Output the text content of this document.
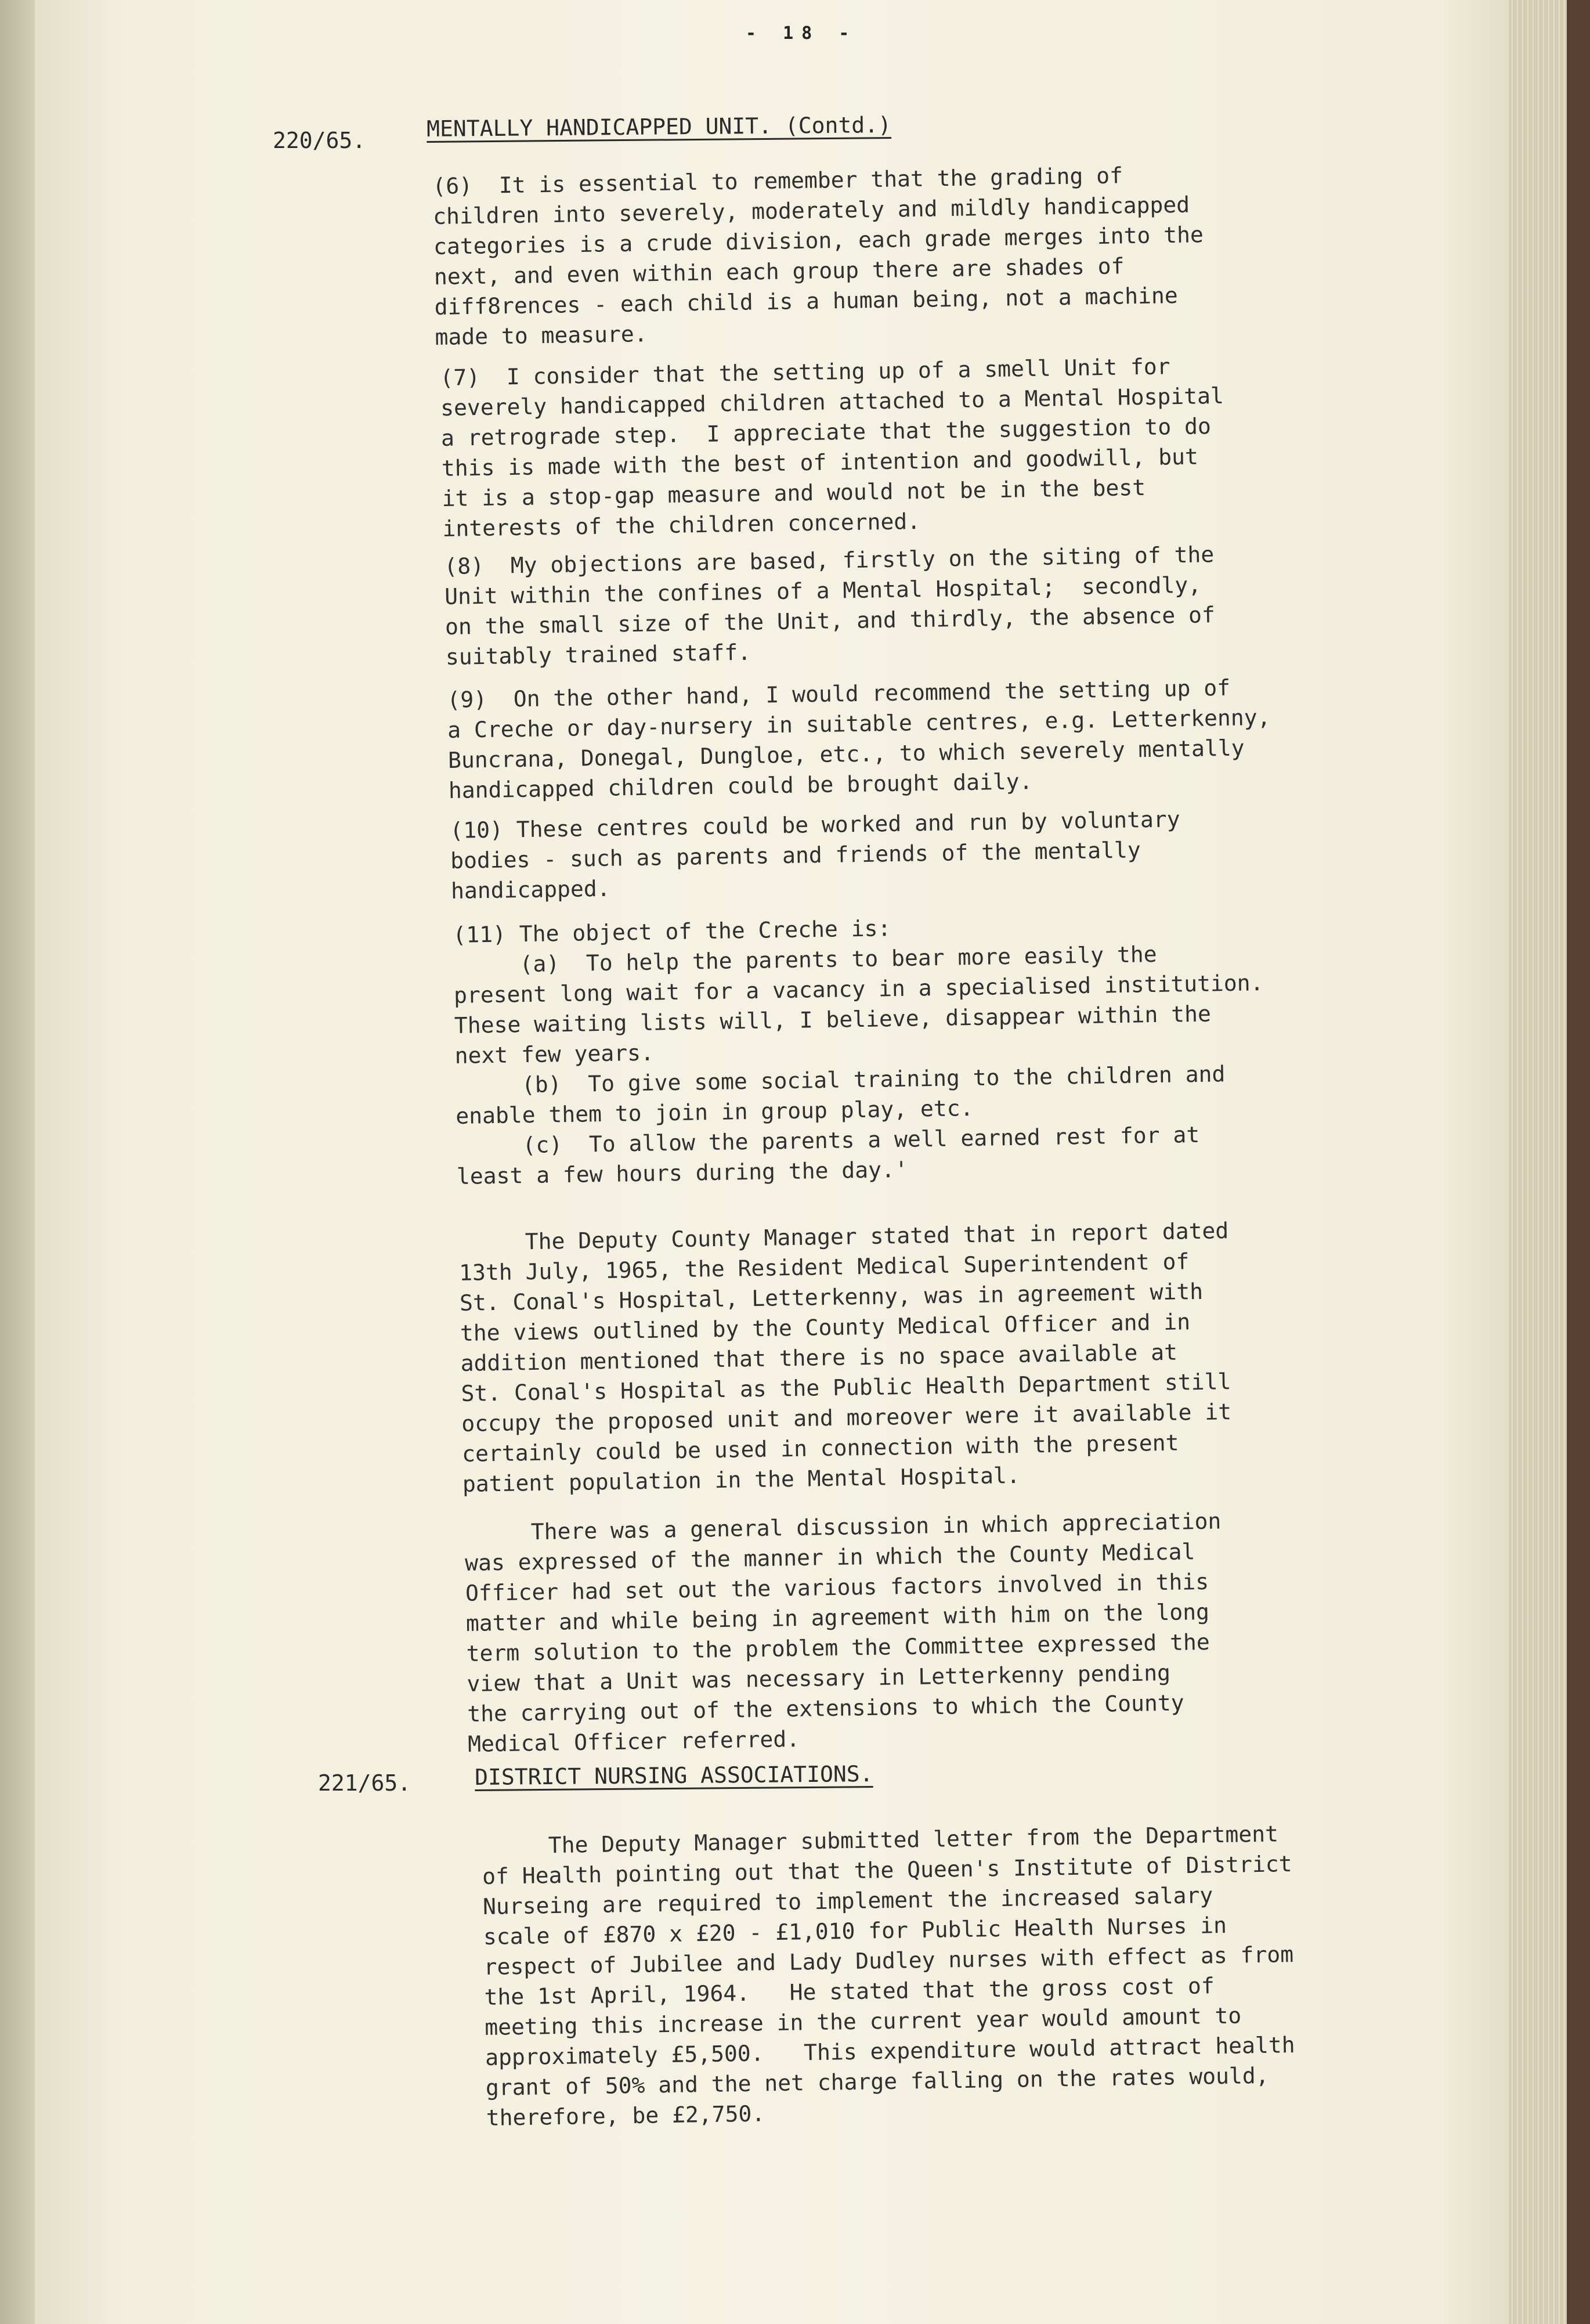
- 18 -
220/65.	MENTALLY HANDICAPPED UNIT. (Contd.)

(6)  It is essential to remember that the grading of
children into severely, moderately and mildly handicapped
categories is a crude division, each grade merges into the
next, and even within each group there are shades of
diff8rences - each child is a human being, not a machine
made to measure.

(7)  I consider that the setting up of a smell Unit for
severely handicapped children attached to a Mental Hospital
a retrograde step.  I appreciate that the suggestion to do
this is made with the best of intention and goodwill, but
it is a stop-gap measure and would not be in the best
interests of the children concerned.

(8)  My objections are based, firstly on the siting of the
Unit within the confines of a Mental Hospital;  secondly,
on the small size of the Unit, and thirdly, the absence of
suitably trained staff.

(9)  On the other hand, I would recommend the setting up of
a Creche or day-nursery in suitable centres, e.g. Letterkenny,
Buncrana, Donegal, Dungloe, etc., to which severely mentally
handicapped children could be brought daily.

(10) These centres could be worked and run by voluntary
bodies - such as parents and friends of the mentally
handicapped.

(11) The object of the Creche is:
(a)  To help the parents to bear more easily the
present long wait for a vacancy in a specialised institution.
These waiting lists will, I believe, disappear within the
next few years.
(b)  To give some social training to the children and
enable them to join in group play, etc.
(c)  To allow the parents a well earned rest for at
least a few hours during the day.'

The Deputy County Manager stated that in report dated
13th July, 1965, the Resident Medical Superintendent of
St. Conal's Hospital, Letterkenny, was in agreement with
the views outlined by the County Medical Officer and in
addition mentioned that there is no space available at
St. Conal's Hospital as the Public Health Department still
occupy the proposed unit and moreover were it available it
certainly could be used in connection with the present
patient population in the Mental Hospital.

There was a general discussion in which appreciation
was expressed of the manner in which the County Medical
Officer had set out the various factors involved in this
matter and while being in agreement with him on the long
term solution to the problem the Committee expressed the
view that a Unit was necessary in Letterkenny pending
the carrying out of the extensions to which the County
Medical Officer referred.

221/65.	DISTRICT NURSING ASSOCIATIONS.

The Deputy Manager submitted letter from the Department
of Health pointing out that the Queen's Institute of District
Nurseing are required to implement the increased salary
scale of £870 x £20 - £1,010 for Public Health Nurses in
respect of Jubilee and Lady Dudley nurses with effect as from
the 1st April, 1964.   He stated that the gross cost of
meeting this increase in the current year would amount to
approximately £5,500.   This expenditure would attract health
grant of 50% and the net charge falling on the rates would,
therefore, be £2,750.
